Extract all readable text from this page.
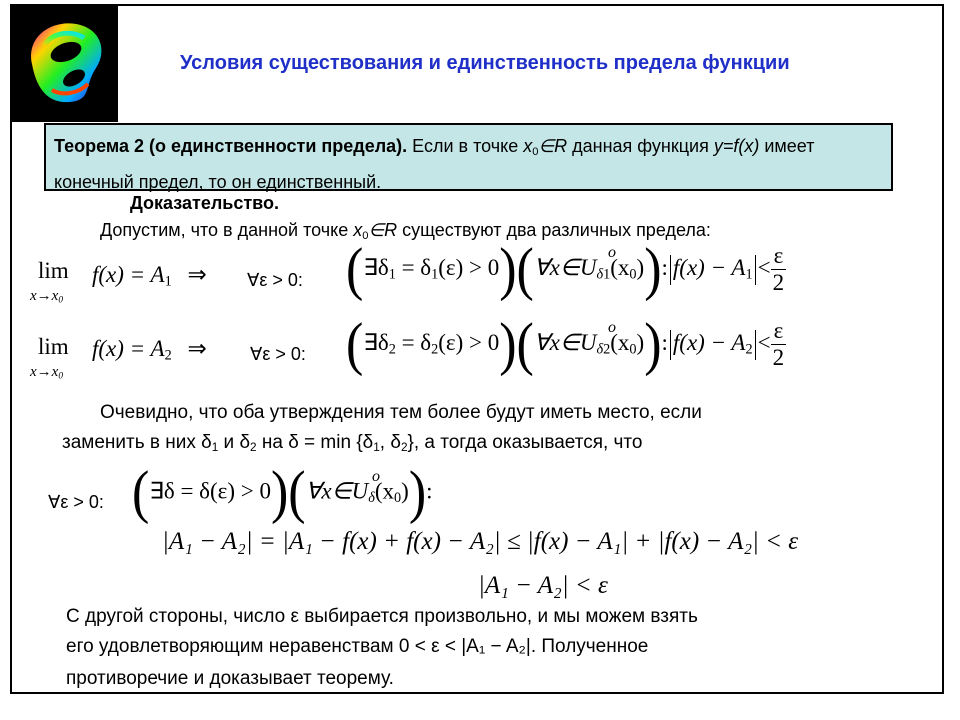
Условия существования и единственность предела функции
Теорема 2 (о единственности предела). Если в точке $x_0\in R$ данная функция y=f(x) имеет конечный предел, то он единственный.
Доказательство.
Допустим, что в данной точке $x_0\in R$ существуют два различных предела:
lim
$x\to x_0$
$f(x) = A_1$ ⇒ ∀ε > 0: ($\exists\delta_1 = \delta_1(\varepsilon)$ > $0)(\forall x\in U_{\delta 1}(x_0))$: $f(x) - A_1 < \frac{\varepsilon}{2}$
o
lim
$x\to x_0$
$f(x) = A_2$ ⇒ ∀ε > 0: ($\exists\delta_2 = \delta_2(\varepsilon)$ > $0)(\forall x\in U_{\delta 2}(x_0))$: $f(x) - A_2 < \frac{\varepsilon}{2}$
o
Очевидно, что оба утверждения тем более будут иметь место, если
заменить в них $\delta_1$ и $\delta_2$ на $\delta = \min \{\delta_1$, $\delta_2$}, а тогда оказывается, что
∀ε > 0: (∃δ = $\delta(\varepsilon) > 0)(\forall x\in U_\delta(x_0))$:
o
|A₁ − A₂| = |A₁ − f(x) + f(x) − A₂| ≤ |f(x) − A₁| + |f(x) − A₂| < ε
|A₁ − A₂| < ε
С другой стороны, число ε выбирается произвольно, и мы можем взять
его удовлетворяющим неравенствам 0 < ε < |A₁ − A₂|. Полученное
противоречие и доказывает теорему.
